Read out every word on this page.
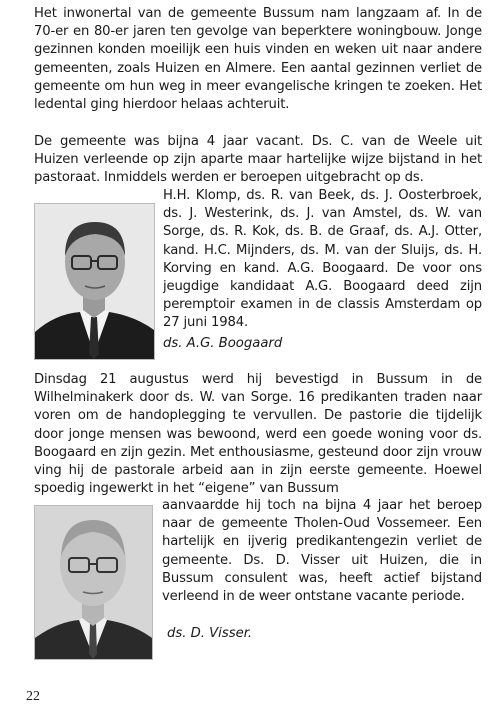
Het inwonertal van de gemeente Bussum nam langzaam af. In de 70-er en 80-er jaren ten gevolge van beperktere woningbouw. Jonge gezinnen konden moeilijk een huis vinden en weken uit naar andere gemeenten, zoals Huizen en Almere. Een aantal gezinnen verliet de gemeente om hun weg in meer evangelische kringen te zoeken. Het ledental ging hierdoor helaas achteruit.
De gemeente was bijna 4 jaar vacant. Ds. C. van de Weele uit Huizen verleende op zijn aparte maar hartelijke wijze bijstand in het pastoraat. Inmiddels werden er beroepen uitgebracht op ds.
H.H. Klomp, ds. R. van Beek, ds. J. Oosterbroek, ds. J. Westerink, ds. J. van Amstel, ds. W. van Sorge, ds. R. Kok, ds. B. de Graaf, ds. A.J. Otter, kand. H.C. Mijnders, ds. M. van der Sluijs, ds. H. Korving en kand. A.G. Boogaard. De voor ons jeugdige kandidaat A.G. Boogaard deed zijn peremptoir examen in de classis Amsterdam op 27 juni 1984.
ds. A.G. Boogaard
Dinsdag 21 augustus werd hij bevestigd in Bussum in de Wilhelminakerk door ds. W. van Sorge. 16 predikanten traden naar voren om de handoplegging te vervullen. De pastorie die tijdelijk door jonge mensen was bewoond, werd een goede woning voor ds. Boogaard en zijn gezin. Met enthousiasme, gesteund door zijn vrouw ving hij de pastorale arbeid aan in zijn eerste gemeente. Hoewel spoedig ingewerkt in het “eigene” van Bussum
aanvaardde hij toch na bijna 4 jaar het beroep naar de gemeente Tholen-Oud Vossemeer. Een hartelijk en ijverig predikantengezin verliet de gemeente. Ds. D. Visser uit Huizen, die in Bussum consulent was, heeft actief bijstand verleend in de weer ontstane vacante periode.
ds. D. Visser.
22
